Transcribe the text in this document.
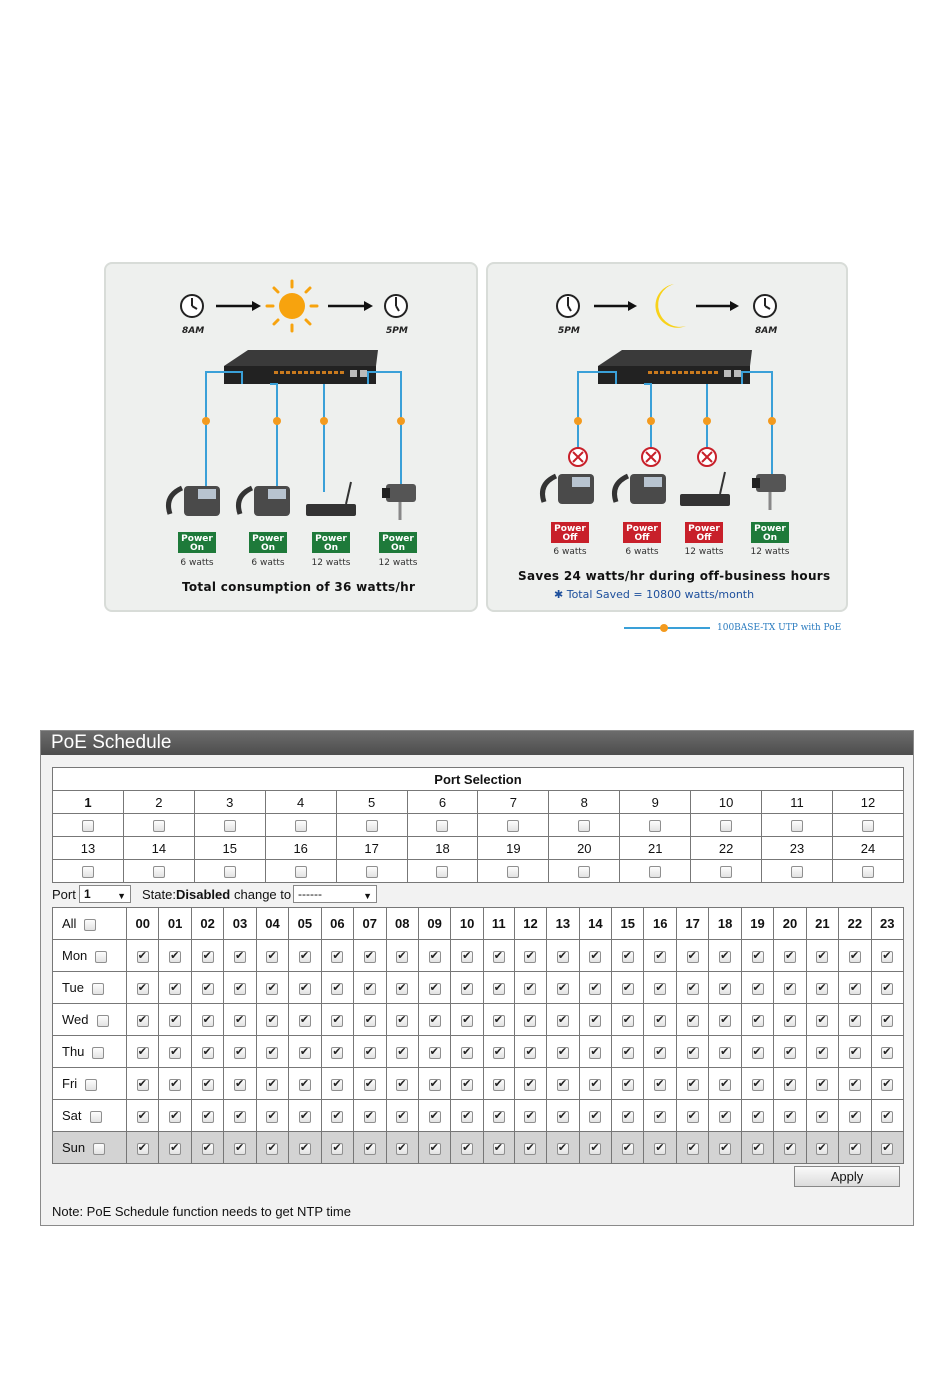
8AM	5PM
Power
On
6 watts
Power
On
6 watts
Power
On
12 watts
Power
On
12 watts
Total consumption of 36 watts/hr
5PM	8AM
Power
Off
6 watts
Power
Off
6 watts
Power
Off
12 watts
Power
On
12 watts
Saves 24 watts/hr during off-business hours
✱ Total Saved = 10800 watts/month
100BASE-TX UTP with PoE
PoE Schedule
Port Selection											
1	2	3	4	5	6	7	8	9	10	11	12

13	14	15	16	17	18	19	20	21	22	23	24

Port 1	▼ State: Disabled change to ------	▼
All	00	01	02	03	04	05	06	07	08	09	10	11	12	13	14	15	16	17	18	19	20	21	22	23
Mon	✔	✔	✔	✔	✔	✔	✔	✔	✔	✔	✔	✔	✔	✔	✔	✔	✔	✔	✔	✔	✔	✔	✔	✔
Tue	✔	✔	✔	✔	✔	✔	✔	✔	✔	✔	✔	✔	✔	✔	✔	✔	✔	✔	✔	✔	✔	✔	✔	✔
Wed	✔	✔	✔	✔	✔	✔	✔	✔	✔	✔	✔	✔	✔	✔	✔	✔	✔	✔	✔	✔	✔	✔	✔	✔
Thu	✔	✔	✔	✔	✔	✔	✔	✔	✔	✔	✔	✔	✔	✔	✔	✔	✔	✔	✔	✔	✔	✔	✔	✔
Fri	✔	✔	✔	✔	✔	✔	✔	✔	✔	✔	✔	✔	✔	✔	✔	✔	✔	✔	✔	✔	✔	✔	✔	✔
Sat	✔	✔	✔	✔	✔	✔	✔	✔	✔	✔	✔	✔	✔	✔	✔	✔	✔	✔	✔	✔	✔	✔	✔	✔
Sun	✔	✔	✔	✔	✔	✔	✔	✔	✔	✔	✔	✔	✔	✔	✔	✔	✔	✔	✔	✔	✔	✔	✔	✔
Apply
Note: PoE Schedule function needs to get NTP time
